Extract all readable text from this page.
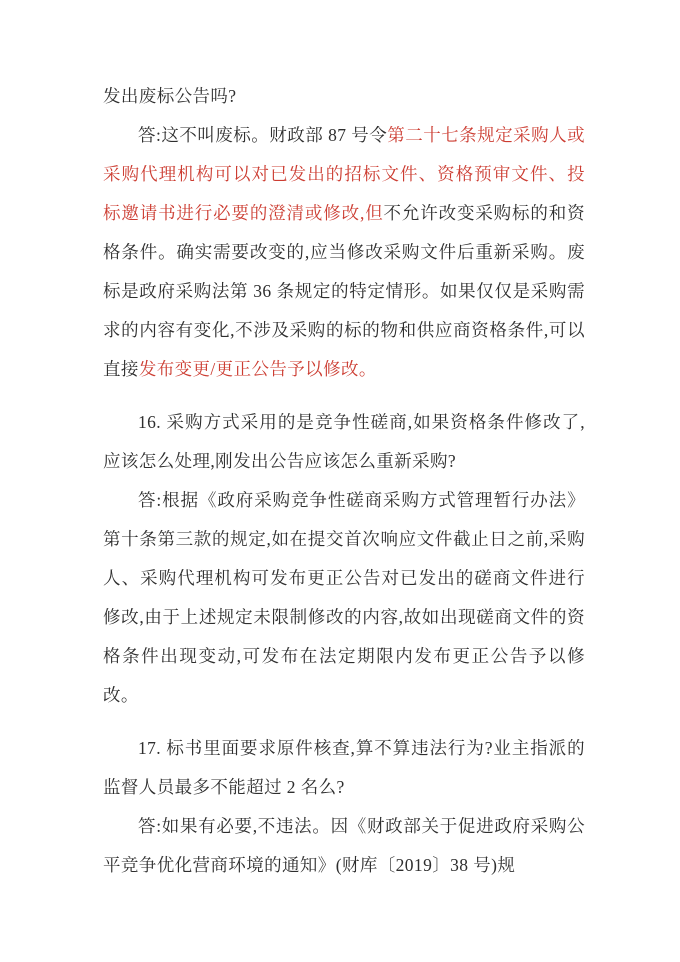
发出废标公告吗?

答:这不叫废标。财政部 87 号令第二十七条规定采购人或采购代理机构可以对已发出的招标文件、资格预审文件、投标邀请书进行必要的澄清或修改,但不允许改变采购标的和资格条件。确实需要改变的,应当修改采购文件后重新采购。废标是政府采购法第 36 条规定的特定情形。如果仅仅是采购需求的内容有变化,不涉及采购的标的物和供应商资格条件,可以直接发布变更/更正公告予以修改。

16. 采购方式采用的是竞争性磋商,如果资格条件修改了,应该怎么处理,刚发出公告应该怎么重新采购?

答:根据《政府采购竞争性磋商采购方式管理暂行办法》第十条第三款的规定,如在提交首次响应文件截止日之前,采购人、采购代理机构可发布更正公告对已发出的磋商文件进行修改,由于上述规定未限制修改的内容,故如出现磋商文件的资格条件出现变动,可发布在法定期限内发布更正公告予以修改。

17. 标书里面要求原件核查,算不算违法行为?业主指派的监督人员最多不能超过 2 名么?

答:如果有必要,不违法。因《财政部关于促进政府采购公平竞争优化营商环境的通知》(财库〔2019〕38 号)规
